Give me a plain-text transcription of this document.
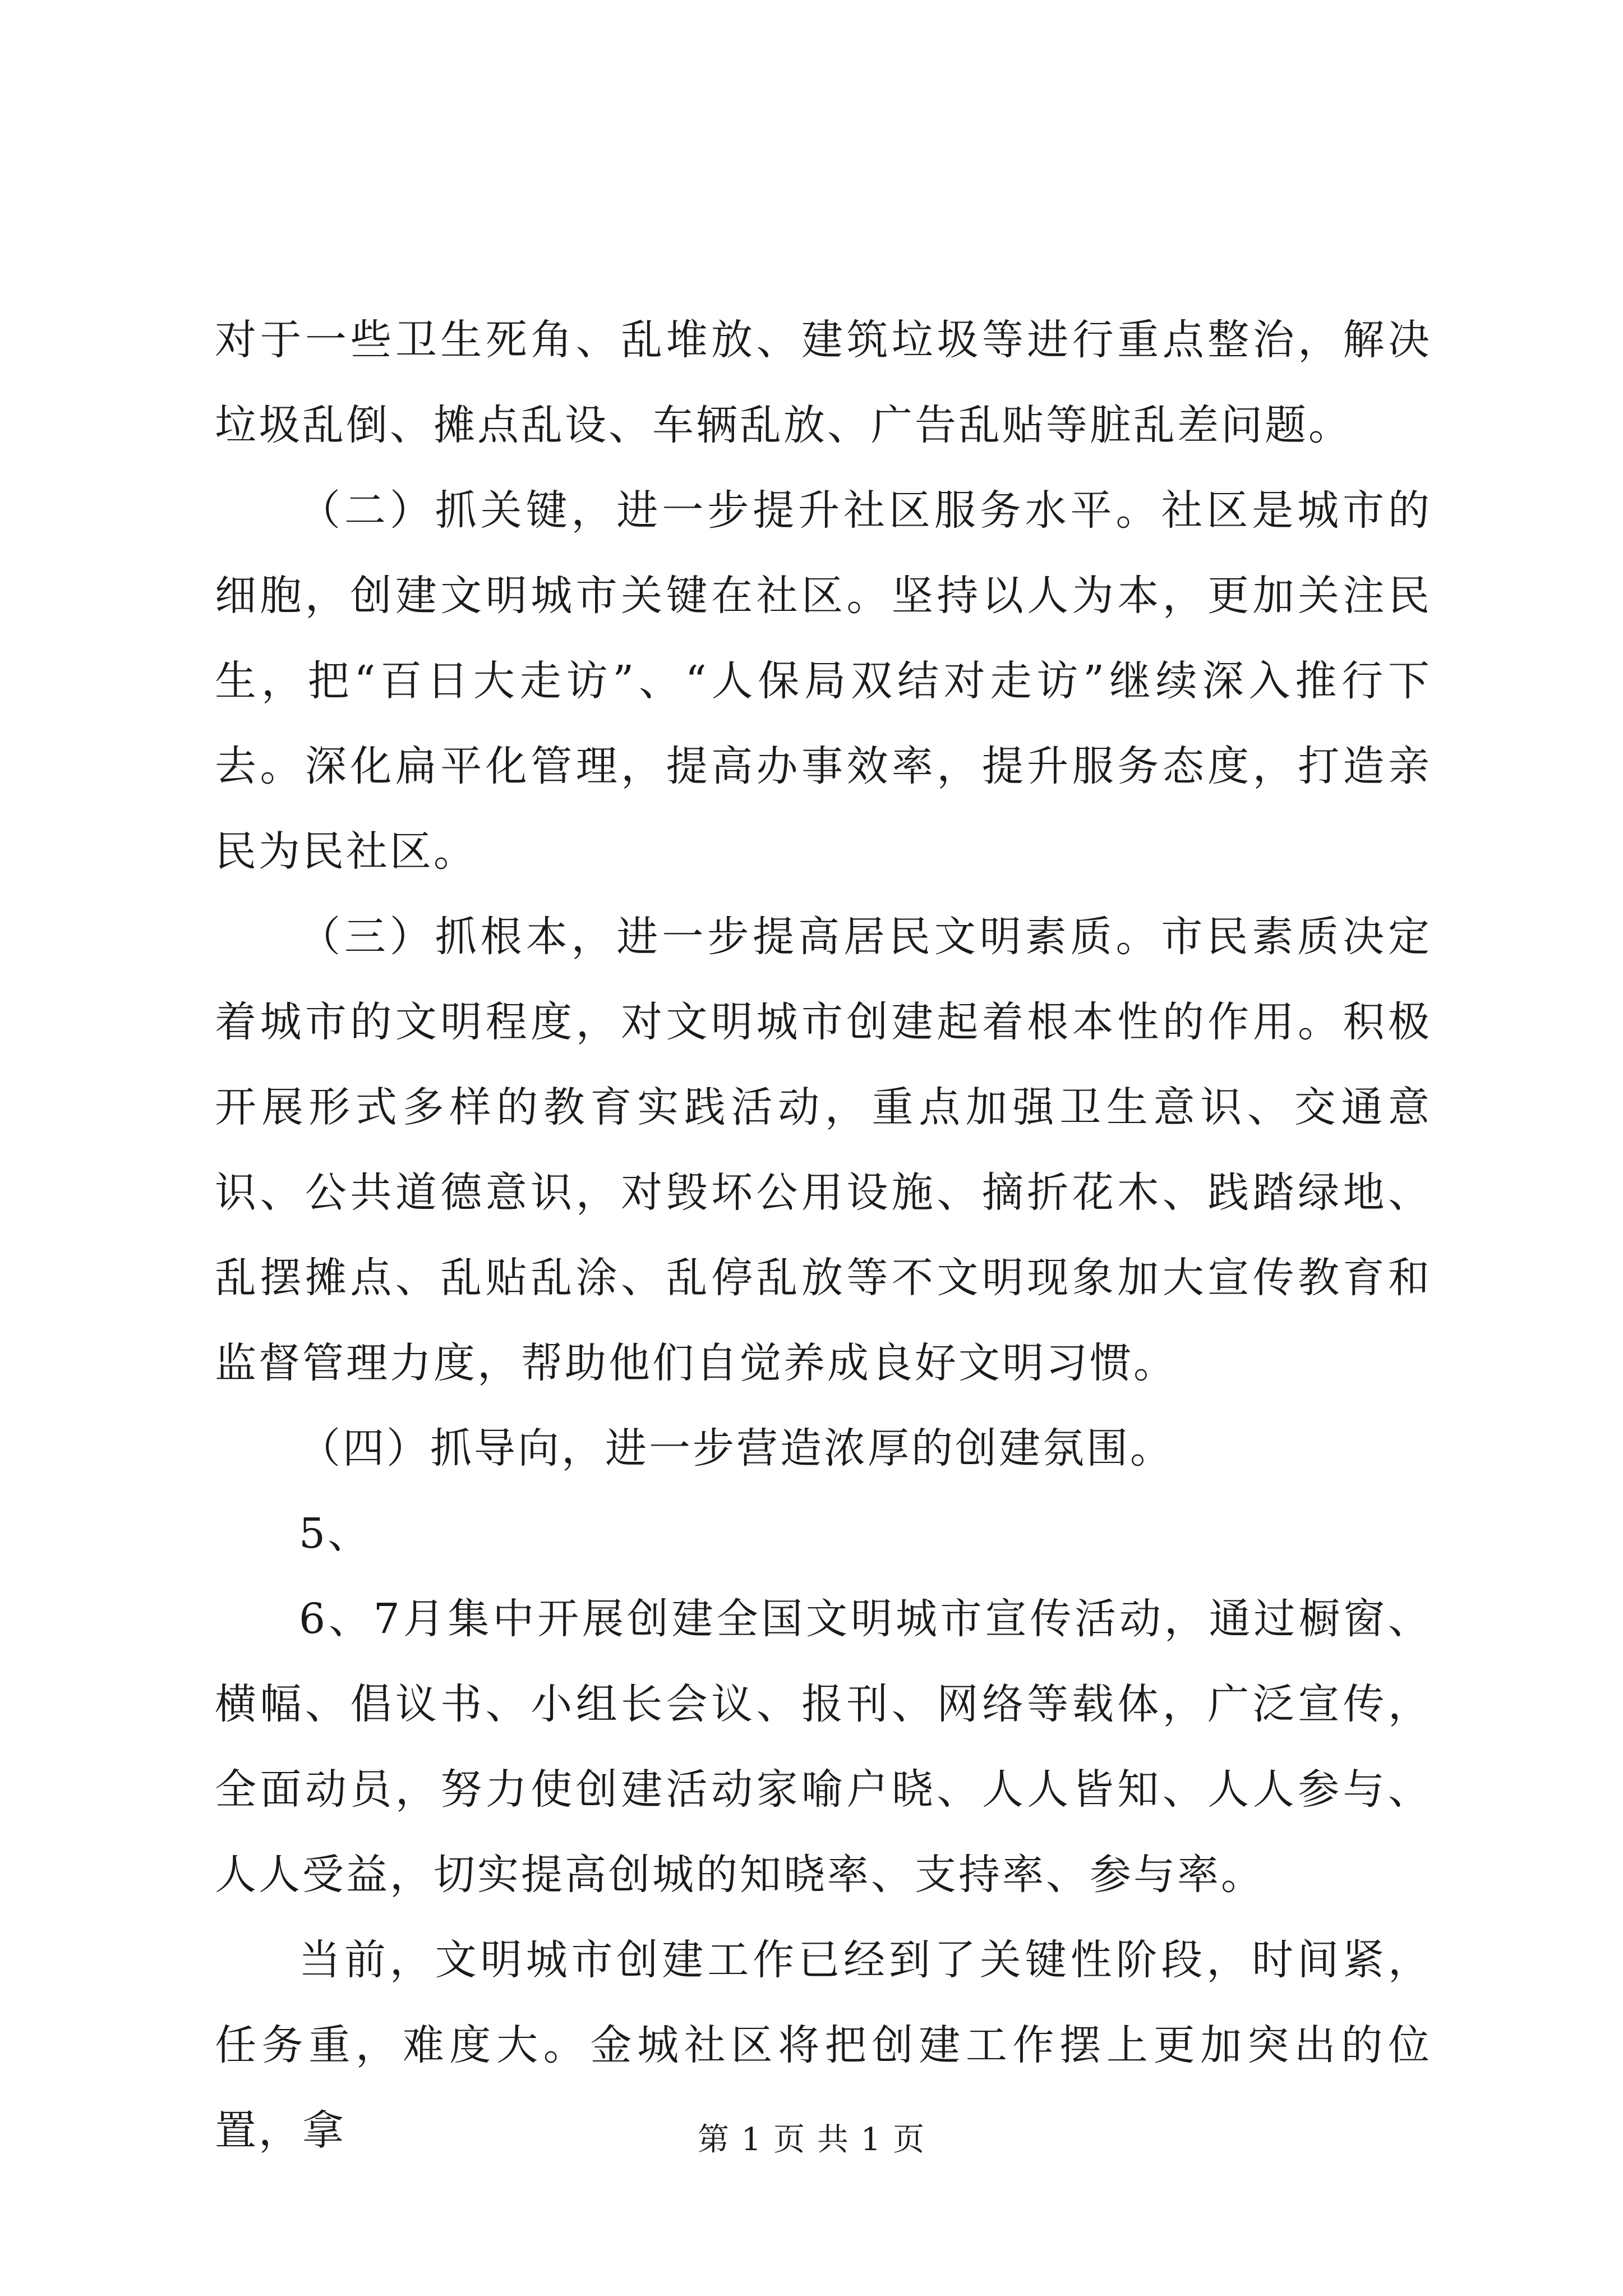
对于一些卫生死角、乱堆放、建筑垃圾等进行重点整治，解决垃圾乱倒、摊点乱设、车辆乱放、广告乱贴等脏乱差问题。

（二）抓关键，进一步提升社区服务水平。社区是城市的细胞，创建文明城市关键在社区。坚持以人为本，更加关注民生，把“百日大走访”、“人保局双结对走访”继续深入推行下去。深化扁平化管理，提高办事效率，提升服务态度，打造亲民为民社区。

（三）抓根本，进一步提高居民文明素质。市民素质决定着城市的文明程度，对文明城市创建起着根本性的作用。积极开展形式多样的教育实践活动，重点加强卫生意识、交通意识、公共道德意识，对毁坏公用设施、摘折花木、践踏绿地、乱摆摊点、乱贴乱涂、乱停乱放等不文明现象加大宣传教育和监督管理力度，帮助他们自觉养成良好文明习惯。

（四）抓导向，进一步营造浓厚的创建氛围。

5、

6、7月集中开展创建全国文明城市宣传活动，通过橱窗、横幅、倡议书、小组长会议、报刊、网络等载体，广泛宣传，全面动员，努力使创建活动家喻户晓、人人皆知、人人参与、人人受益，切实提高创城的知晓率、支持率、参与率。

当前，文明城市创建工作已经到了关键性阶段，时间紧，任务重，难度大。金城社区将把创建工作摆上更加突出的位置，拿	第 1 页 共 1 页
